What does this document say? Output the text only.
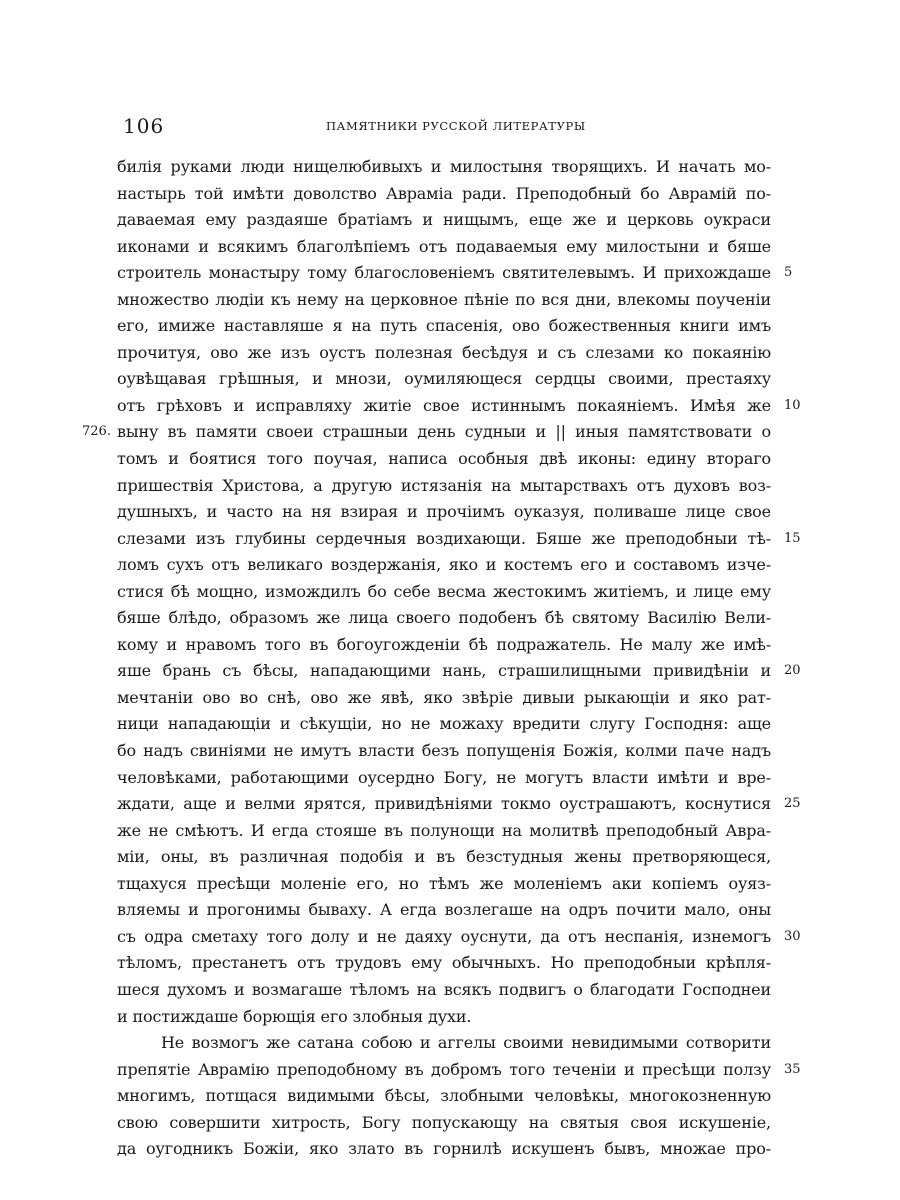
106	ПАМЯТНИКИ РУССКОЙ ЛИТЕРАТУРЫ
билія руками люди нищелюбивыхъ и милостыня творящихъ. И начать мо-
настырь той имѣти доволство Авраміа ради. Преподобный бо Аврамій по-
даваемая ему раздаяше братіамъ и нищымъ, еще же и церковь оукраси
иконами и всякимъ благолѣпіемъ отъ подаваемыя ему милостыни и бяше
строитель монастыру тому благословеніемъ святителевымъ. И прихождаше 5
множество людіи къ нему на церковное пѣніе по вся дни, влекомы поученіи
его, имиже наставляше я на путь спасенія, ово божественныя книги имъ
прочитуя, ово же изъ оустъ полезная бесѣдуя и съ слезами ко покаянію
оувѣщавая грѣшныя, и мнози, оумиляющеся сердцы своими, престаяху
отъ грѣховъ и исправляху житіе свое истиннымъ покаяніемъ. Имѣя же 10
726. выну въ памяти своеи страшныи день судныи и || иныя памятствовати о
томъ и боятися того поучая, написа особныя двѣ иконы: едину втораго
пришествія Христова, а другую истязанія на мытарствахъ отъ духовъ воз-
душныхъ, и часто на ня взирая и прочіимъ оуказуя, поливаше лице свое
слезами изъ глубины сердечныя воздихающи. Бяше же преподобныи тѣ- 15
ломъ сухъ отъ великаго воздержанія, яко и костемъ его и составомъ изче-
стися бѣ мощно, измождилъ бо себе весма жестокимъ житіемъ, и лице ему
бяше блѣдо, образомъ же лица своего подобенъ бѣ святому Василію Вели-
кому и нравомъ того въ богоугожденіи бѣ подражатель. Не малу же имѣ-
яше брань съ бѣсы, нападающими нань, страшилищными привидѣніи и 20
мечтаніи ово во снѣ, ово же явѣ, яко звѣріе дивыи рыкающіи и яко рат-
ници нападающіи и сѣкущіи, но не можаху вредити слугу Господня: аще
бо надъ свиніями не имутъ власти безъ попущенія Божія, колми паче надъ
человѣками, работающими оусердно Богу, не могутъ власти имѣти и вре-
ждати, аще и велми ярятся, привидѣніями токмо оустрашаютъ, коснутися 25
же не смѣютъ. И егда стояше въ полунощи на молитвѣ преподобный Авра-
міи, оны, въ различная подобія и въ безстудныя жены претворяющеся,
тщахуся пресѣщи моленіе его, но тѣмъ же моленіемъ аки копіемъ оуяз-
вляемы и прогонимы бываху. А егда возлегаше на одръ почити мало, оны
съ одра сметаху того долу и не даяху оуснути, да отъ неспанія, изнемогъ 30
тѣломъ, престанетъ отъ трудовъ ему обычныхъ. Но преподобныи крѣпля-
шеся духомъ и возмагаше тѣломъ на всякъ подвигъ о благодати Господнеи
и постиждаше борющія его злобныя духи.
Не возмогъ же сатана собою и аггелы своими невидимыми сотворити
препятіе Аврамію преподобному въ добромъ того теченіи и пресѣщи ползу 35
многимъ, потщася видимыми бѣсы, злобными человѣкы, многокозненную
свою совершити хитрость, Богу попускающу на святыя своя искушеніе,
да оугодникъ Божіи, яко злато въ горнилѣ искушенъ бывъ, множае про-
